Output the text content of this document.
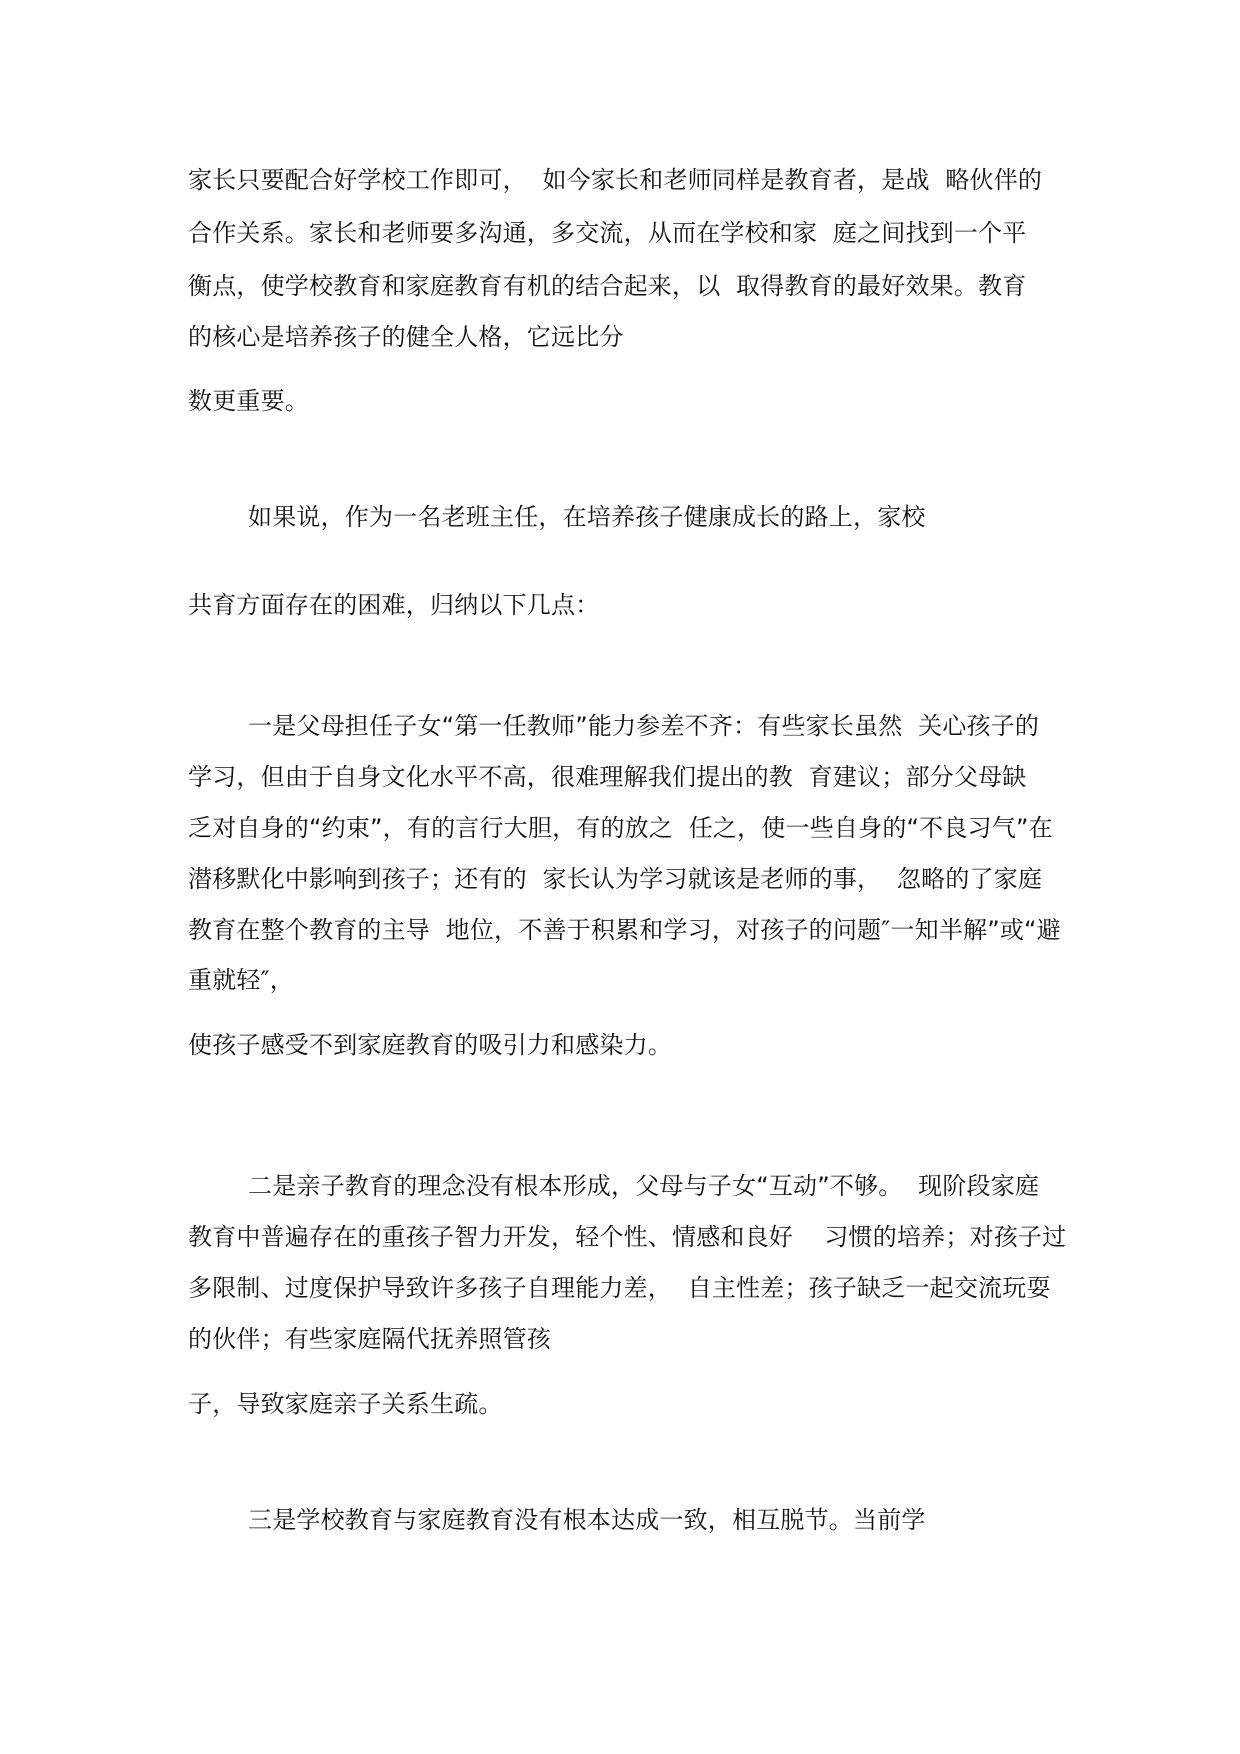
家长只要配合好学校工作即可，  如今家长和老师同样是教育者，是战  略伙伴的
合作关系。家长和老师要多沟通，多交流，从而在学校和家  庭之间找到一个平
衡点，使学校教育和家庭教育有机的结合起来，以  取得教育的最好效果。教育
的核心是培养孩子的健全人格，它远比分
数更重要。
如果说，作为一名老班主任，在培养孩子健康成长的路上，家校
共育方面存在的困难，归纳以下几点：
一是父母担任子女“第一任教师”能力参差不齐：有些家长虽然  关心孩子的
学习，但由于自身文化水平不高，很难理解我们提出的教  育建议；部分父母缺
乏对自身的“约束”，有的言行大胆，有的放之  任之，使一些自身的“不良习气”在
潜移默化中影响到孩子；还有的  家长认为学习就该是老师的事，  忽略的了家庭
教育在整个教育的主导  地位，不善于积累和学习，对孩子的问题″一知半解”或“避
重就轻″，
使孩子感受不到家庭教育的吸引力和感染力。
二是亲子教育的理念没有根本形成，父母与子女“互动”不够。  现阶段家庭
教育中普遍存在的重孩子智力开发，轻个性、情感和良好    习惯的培养；对孩子过
多限制、过度保护导致许多孩子自理能力差，  自主性差；孩子缺乏一起交流玩耍
的伙伴；有些家庭隔代抚养照管孩
子，导致家庭亲子关系生疏。
三是学校教育与家庭教育没有根本达成一致，相互脱节。当前学
